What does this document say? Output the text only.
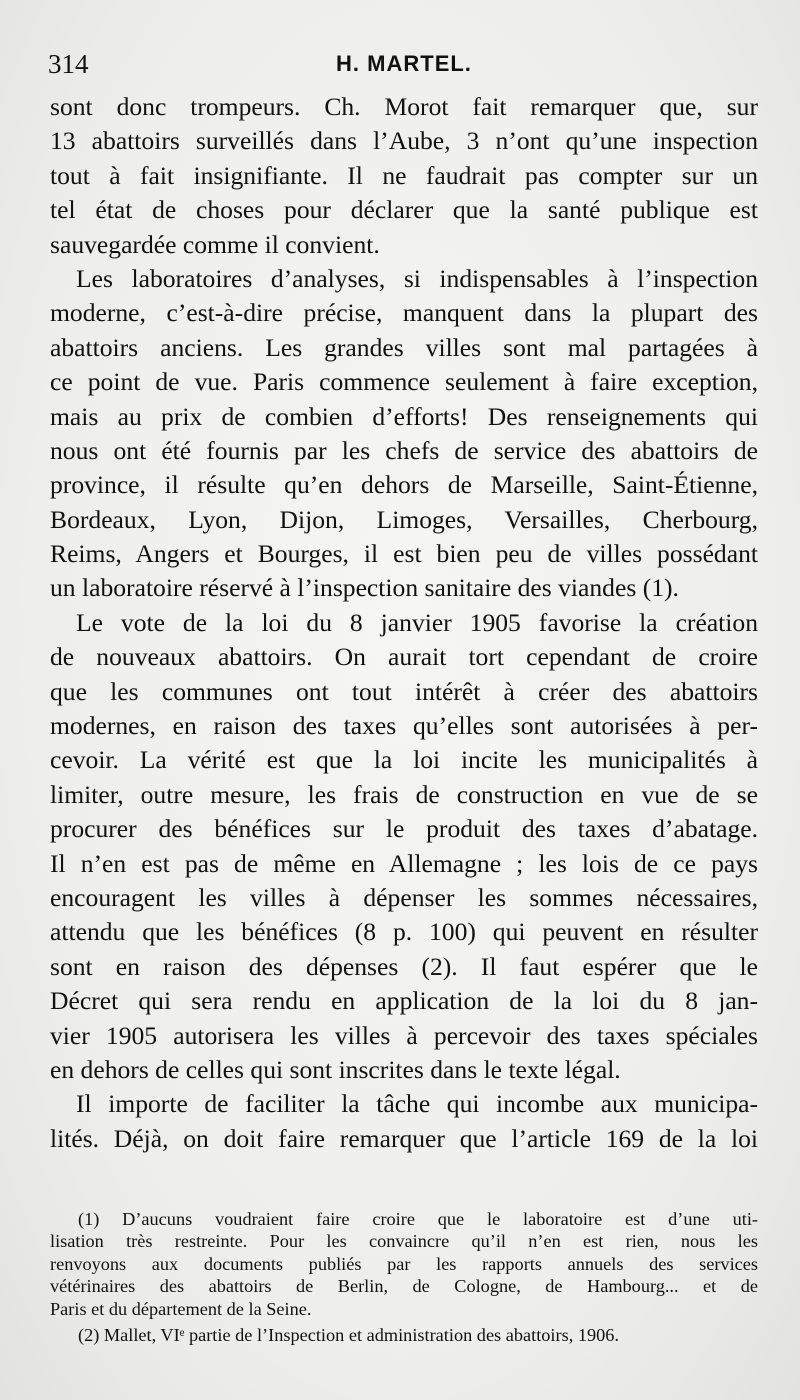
314	H. MARTEL.
sont donc trompeurs. Ch. Morot fait remarquer que, sur
13 abattoirs surveillés dans l’Aube, 3 n’ont qu’une inspection
tout à fait insignifiante. Il ne faudrait pas compter sur un
tel état de choses pour déclarer que la santé publique est
sauvegardée comme il convient.
Les laboratoires d’analyses, si indispensables à l’inspection
moderne, c’est-à-dire précise, manquent dans la plupart des
abattoirs anciens. Les grandes villes sont mal partagées à
ce point de vue. Paris commence seulement à faire exception,
mais au prix de combien d’efforts! Des renseignements qui
nous ont été fournis par les chefs de service des abattoirs de
province, il résulte qu’en dehors de Marseille, Saint-Étienne,
Bordeaux, Lyon, Dijon, Limoges, Versailles, Cherbourg,
Reims, Angers et Bourges, il est bien peu de villes possédant
un laboratoire réservé à l’inspection sanitaire des viandes (1).
Le vote de la loi du 8 janvier 1905 favorise la création
de nouveaux abattoirs. On aurait tort cependant de croire
que les communes ont tout intérêt à créer des abattoirs
modernes, en raison des taxes qu’elles sont autorisées à per-
cevoir. La vérité est que la loi incite les municipalités à
limiter, outre mesure, les frais de construction en vue de se
procurer des bénéfices sur le produit des taxes d’abatage.
Il n’en est pas de même en Allemagne ; les lois de ce pays
encouragent les villes à dépenser les sommes nécessaires,
attendu que les bénéfices (8 p. 100) qui peuvent en résulter
sont en raison des dépenses (2). Il faut espérer que le
Décret qui sera rendu en application de la loi du 8 jan-
vier 1905 autorisera les villes à percevoir des taxes spéciales
en dehors de celles qui sont inscrites dans le texte légal.
Il importe de faciliter la tâche qui incombe aux municipa-
lités. Déjà, on doit faire remarquer que l’article 169 de la loi
(1) D’aucuns voudraient faire croire que le laboratoire est d’une uti-
lisation très restreinte. Pour les convaincre qu’il n’en est rien, nous les
renvoyons aux documents publiés par les rapports annuels des services
vétérinaires des abattoirs de Berlin, de Cologne, de Hambourg... et de
Paris et du département de la Seine.
(2) Mallet, VIᵉ partie de l’Inspection et administration des abattoirs, 1906.
